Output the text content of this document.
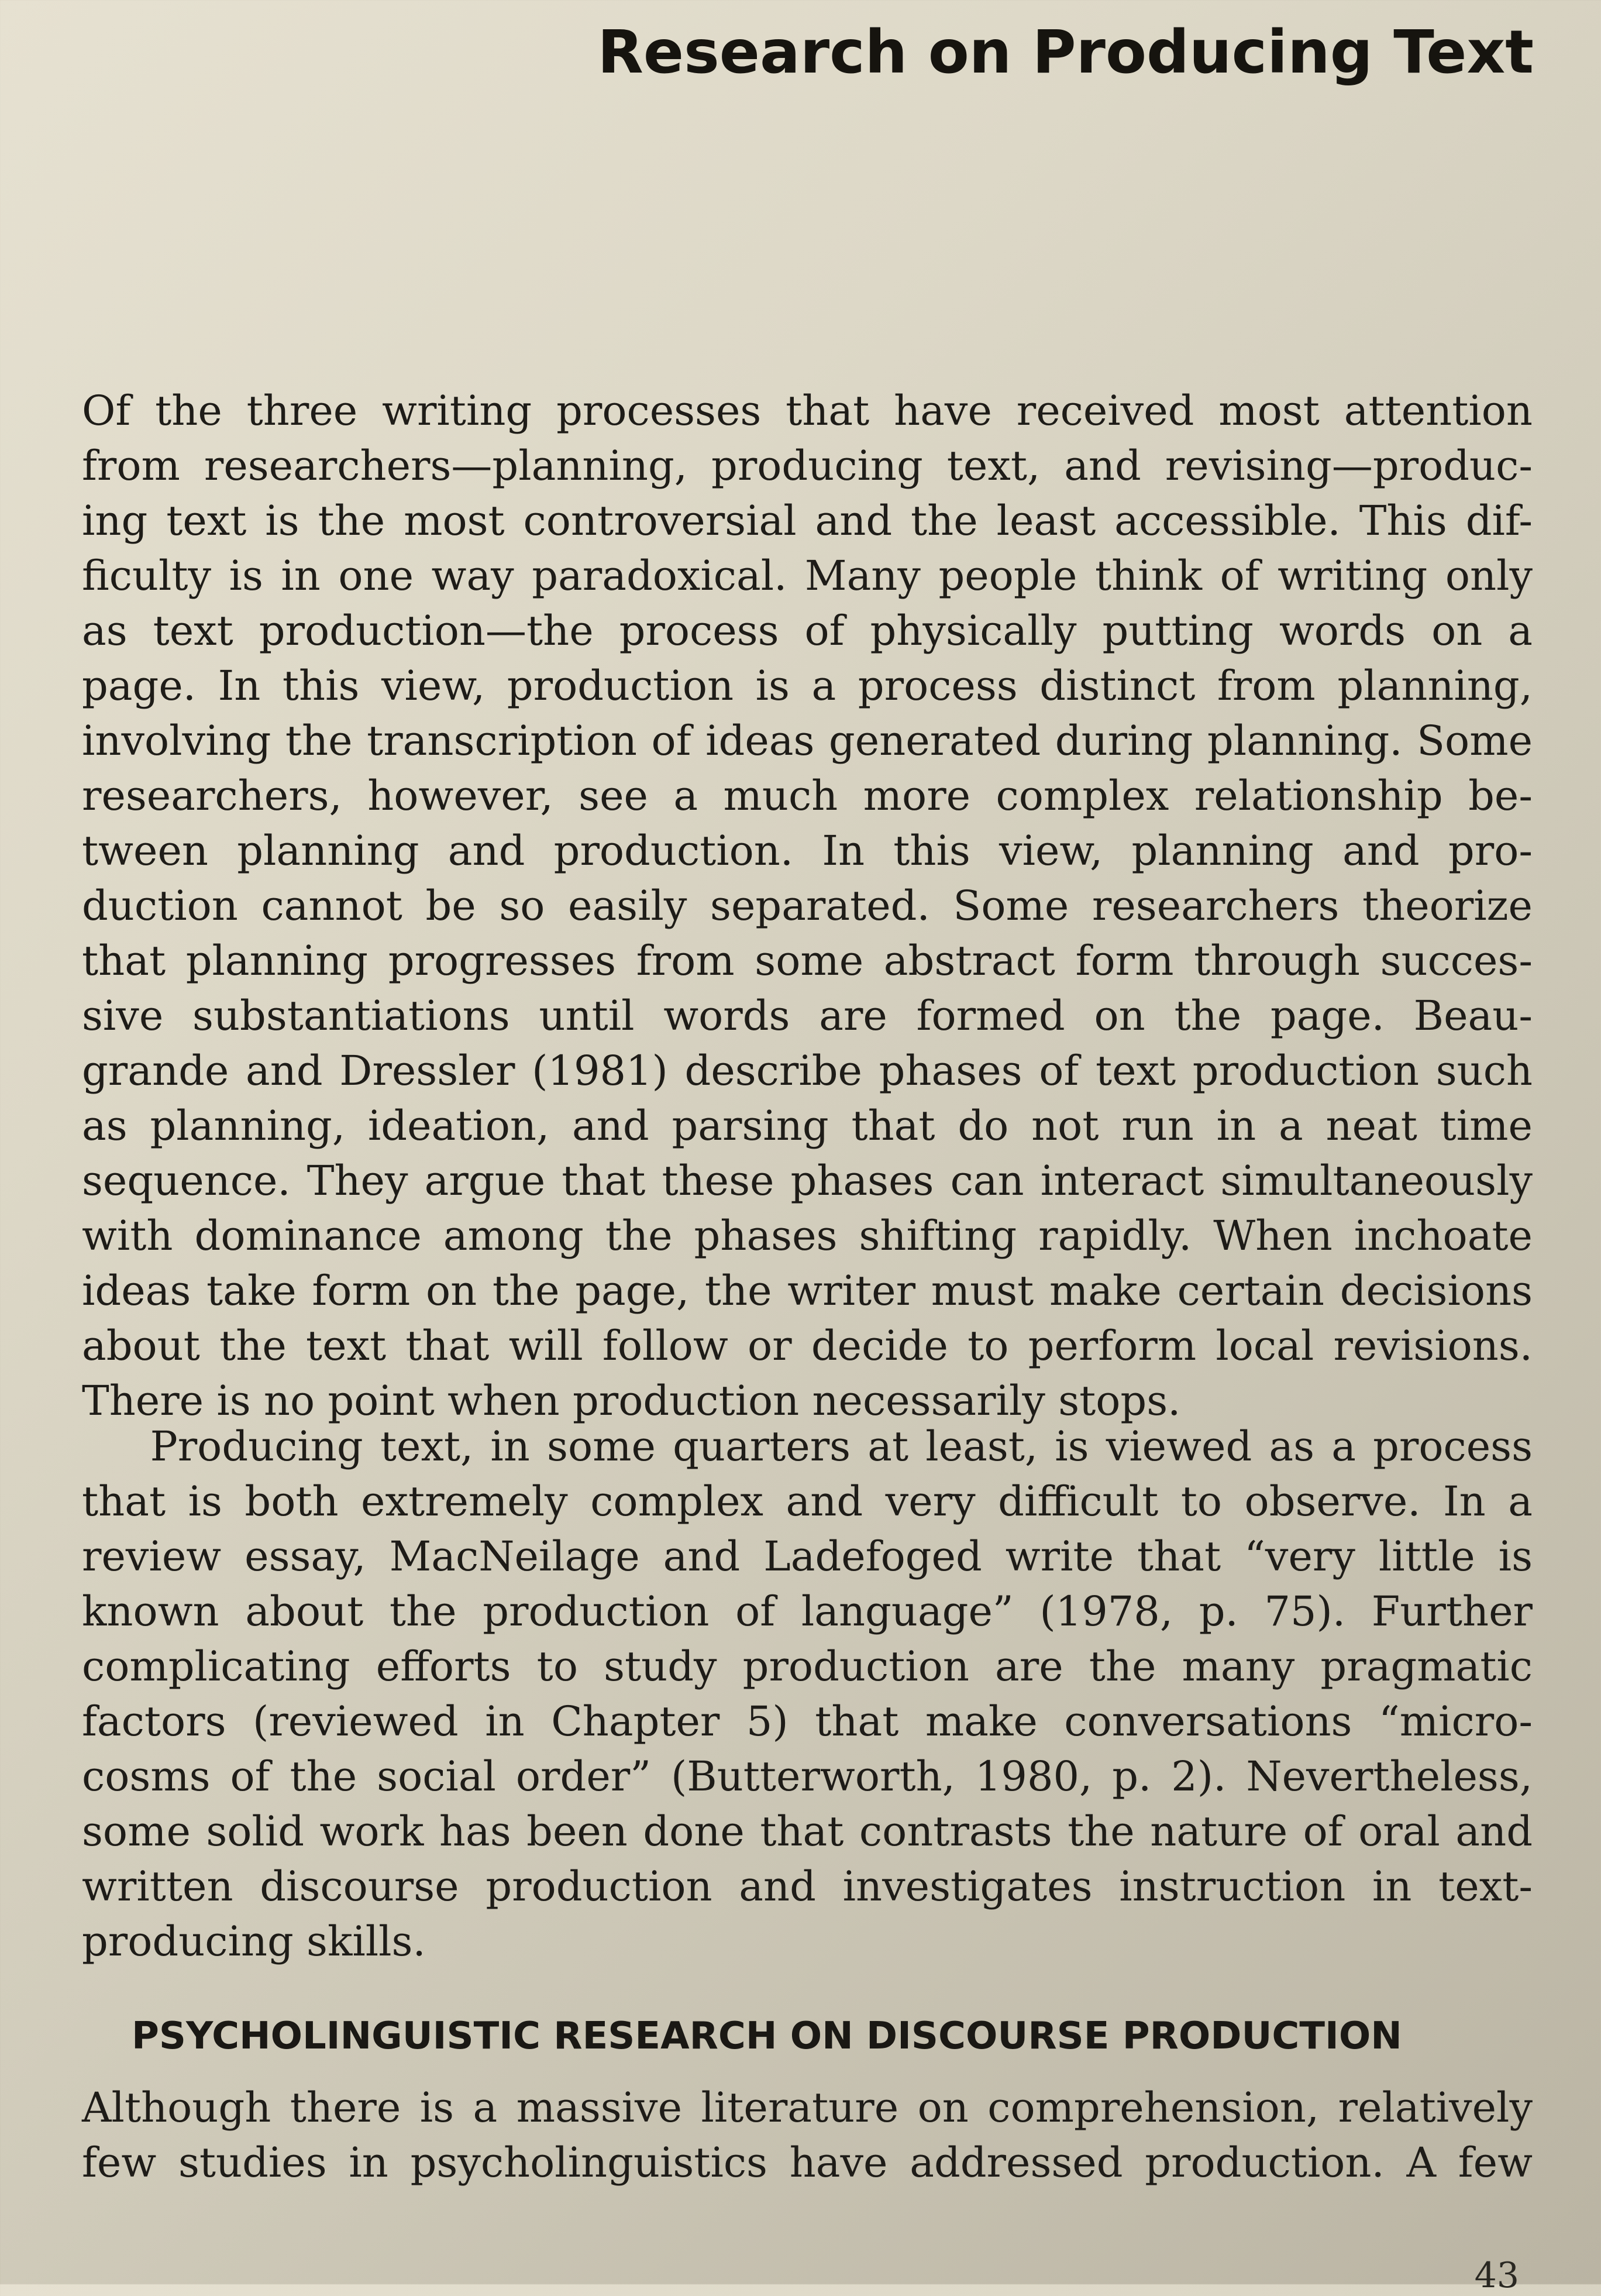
Research on Producing Text
Of the three writing processes that have received most attention
from researchers—planning, producing text, and revising—produc-
ing text is the most controversial and the least accessible. This dif-
ficulty is in one way paradoxical. Many people think of writing only
as text production—the process of physically putting words on a
page. In this view, production is a process distinct from planning,
involving the transcription of ideas generated during planning. Some
researchers, however, see a much more complex relationship be-
tween planning and production. In this view, planning and pro-
duction cannot be so easily separated. Some researchers theorize
that planning progresses from some abstract form through succes-
sive substantiations until words are formed on the page. Beau-
grande and Dressler (1981) describe phases of text production such
as planning, ideation, and parsing that do not run in a neat time
sequence. They argue that these phases can interact simultaneously
with dominance among the phases shifting rapidly. When inchoate
ideas take form on the page, the writer must make certain decisions
about the text that will follow or decide to perform local revisions.
There is no point when production necessarily stops.
Producing text, in some quarters at least, is viewed as a process
that is both extremely complex and very difficult to observe. In a
review essay, MacNeilage and Ladefoged write that “very little is
known about the production of language” (1978, p. 75). Further
complicating efforts to study production are the many pragmatic
factors (reviewed in Chapter 5) that make conversations “micro-
cosms of the social order” (Butterworth, 1980, p. 2). Nevertheless,
some solid work has been done that contrasts the nature of oral and
written discourse production and investigates instruction in text-
producing skills.
PSYCHOLINGUISTIC RESEARCH ON DISCOURSE PRODUCTION
Although there is a massive literature on comprehension, relatively
few studies in psycholinguistics have addressed production. A few
43
